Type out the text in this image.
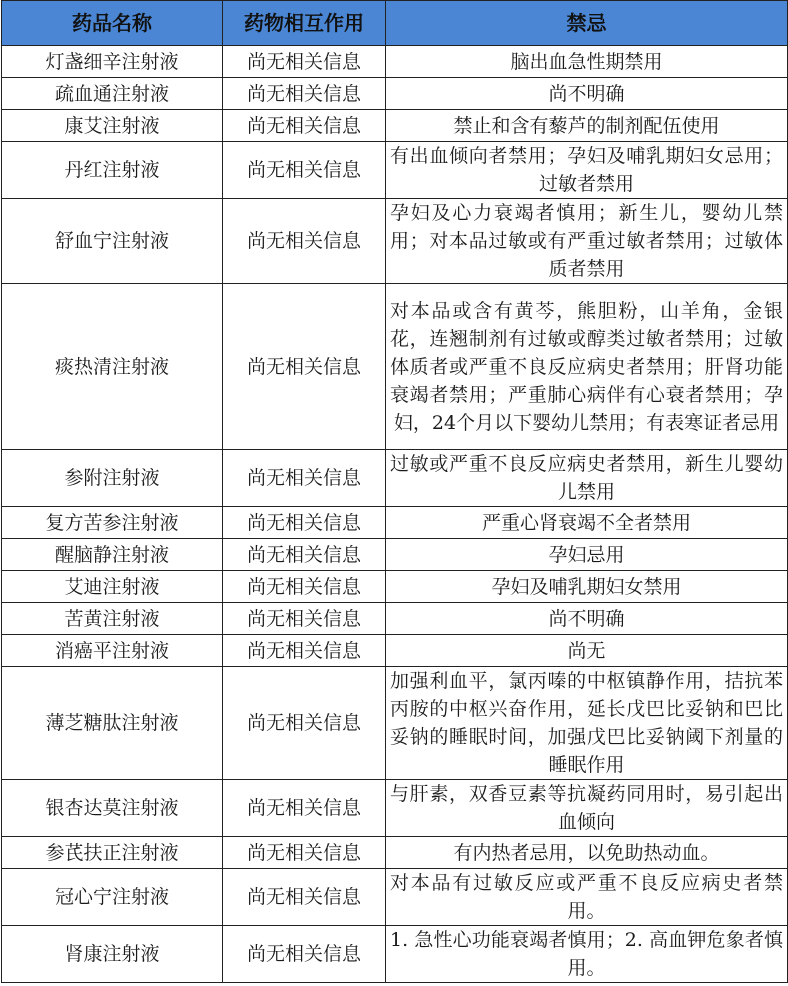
药品名称	药物相互作用	禁忌
灯盏细辛注射液	尚无相关信息	脑出血急性期禁用
疏血通注射液	尚无相关信息	尚不明确
康艾注射液	尚无相关信息	禁止和含有藜芦的制剂配伍使用
丹红注射液	尚无相关信息	有出血倾向者禁用；孕妇及哺乳期妇女忌用；过敏者禁用
舒血宁注射液	尚无相关信息	孕妇及心力衰竭者慎用；新生儿，婴幼儿禁用；对本品过敏或有严重过敏者禁用；过敏体质者禁用
痰热清注射液	尚无相关信息	对本品或含有黄芩，熊胆粉，山羊角，金银花，连翘制剂有过敏或醇类过敏者禁用；过敏体质者或严重不良反应病史者禁用；肝肾功能衰竭者禁用；严重肺心病伴有心衰者禁用；孕妇，24个月以下婴幼儿禁用；有表寒证者忌用
参附注射液	尚无相关信息	过敏或严重不良反应病史者禁用，新生儿婴幼儿禁用
复方苦参注射液	尚无相关信息	严重心肾衰竭不全者禁用
醒脑静注射液	尚无相关信息	孕妇忌用
艾迪注射液	尚无相关信息	孕妇及哺乳期妇女禁用
苦黄注射液	尚无相关信息	尚不明确
消癌平注射液	尚无相关信息	尚无
薄芝糖肽注射液	尚无相关信息	加强利血平，氯丙嗪的中枢镇静作用，拮抗苯丙胺的中枢兴奋作用，延长戊巴比妥钠和巴比妥钠的睡眠时间，加强戊巴比妥钠阈下剂量的睡眠作用
银杏达莫注射液	尚无相关信息	与肝素，双香豆素等抗凝药同用时，易引起出血倾向
参芪扶正注射液	尚无相关信息	有内热者忌用，以免助热动血。
冠心宁注射液	尚无相关信息	对本品有过敏反应或严重不良反应病史者禁用。
肾康注射液	尚无相关信息	1. 急性心功能衰竭者慎用；2. 高血钾危象者慎用。
